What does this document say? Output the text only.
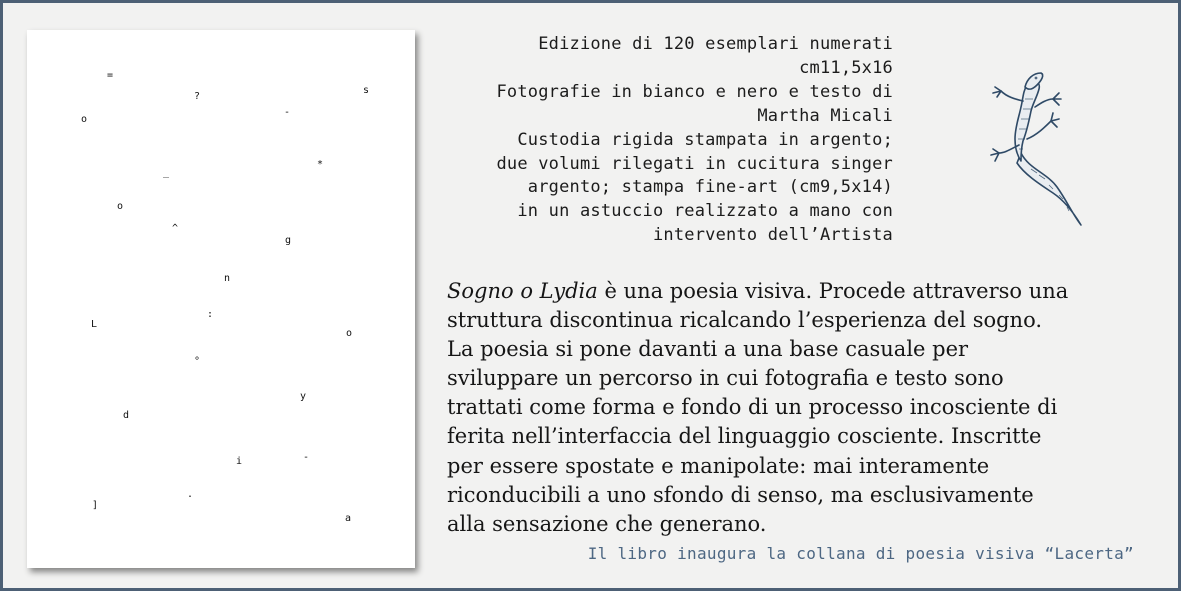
=
?
s
o
-
*
_
o
^
g
n
L
:
o
°
y
d
i	-
.
]
a
Edizione di 120 esemplari numerati
cm11,5x16
Fotografie in bianco e nero e testo di
Martha Micali
Custodia rigida stampata in argento;
due volumi rilegati in cucitura singer
argento; stampa fine-art (cm9,5x14)
in un astuccio realizzato a mano con
intervento dell’Artista
Sogno o Lydia è una poesia visiva. Procede attraverso una
struttura discontinua ricalcando l’esperienza del sogno.
La poesia si pone davanti a una base casuale per
sviluppare un percorso in cui fotografia e testo sono
trattati come forma e fondo di un processo incosciente di
ferita nell’interfaccia del linguaggio cosciente. Inscritte
per essere spostate e manipolate: mai interamente
riconducibili a uno sfondo di senso, ma esclusivamente
alla sensazione che generano.
Il libro inaugura la collana di poesia visiva “Lacerta”
